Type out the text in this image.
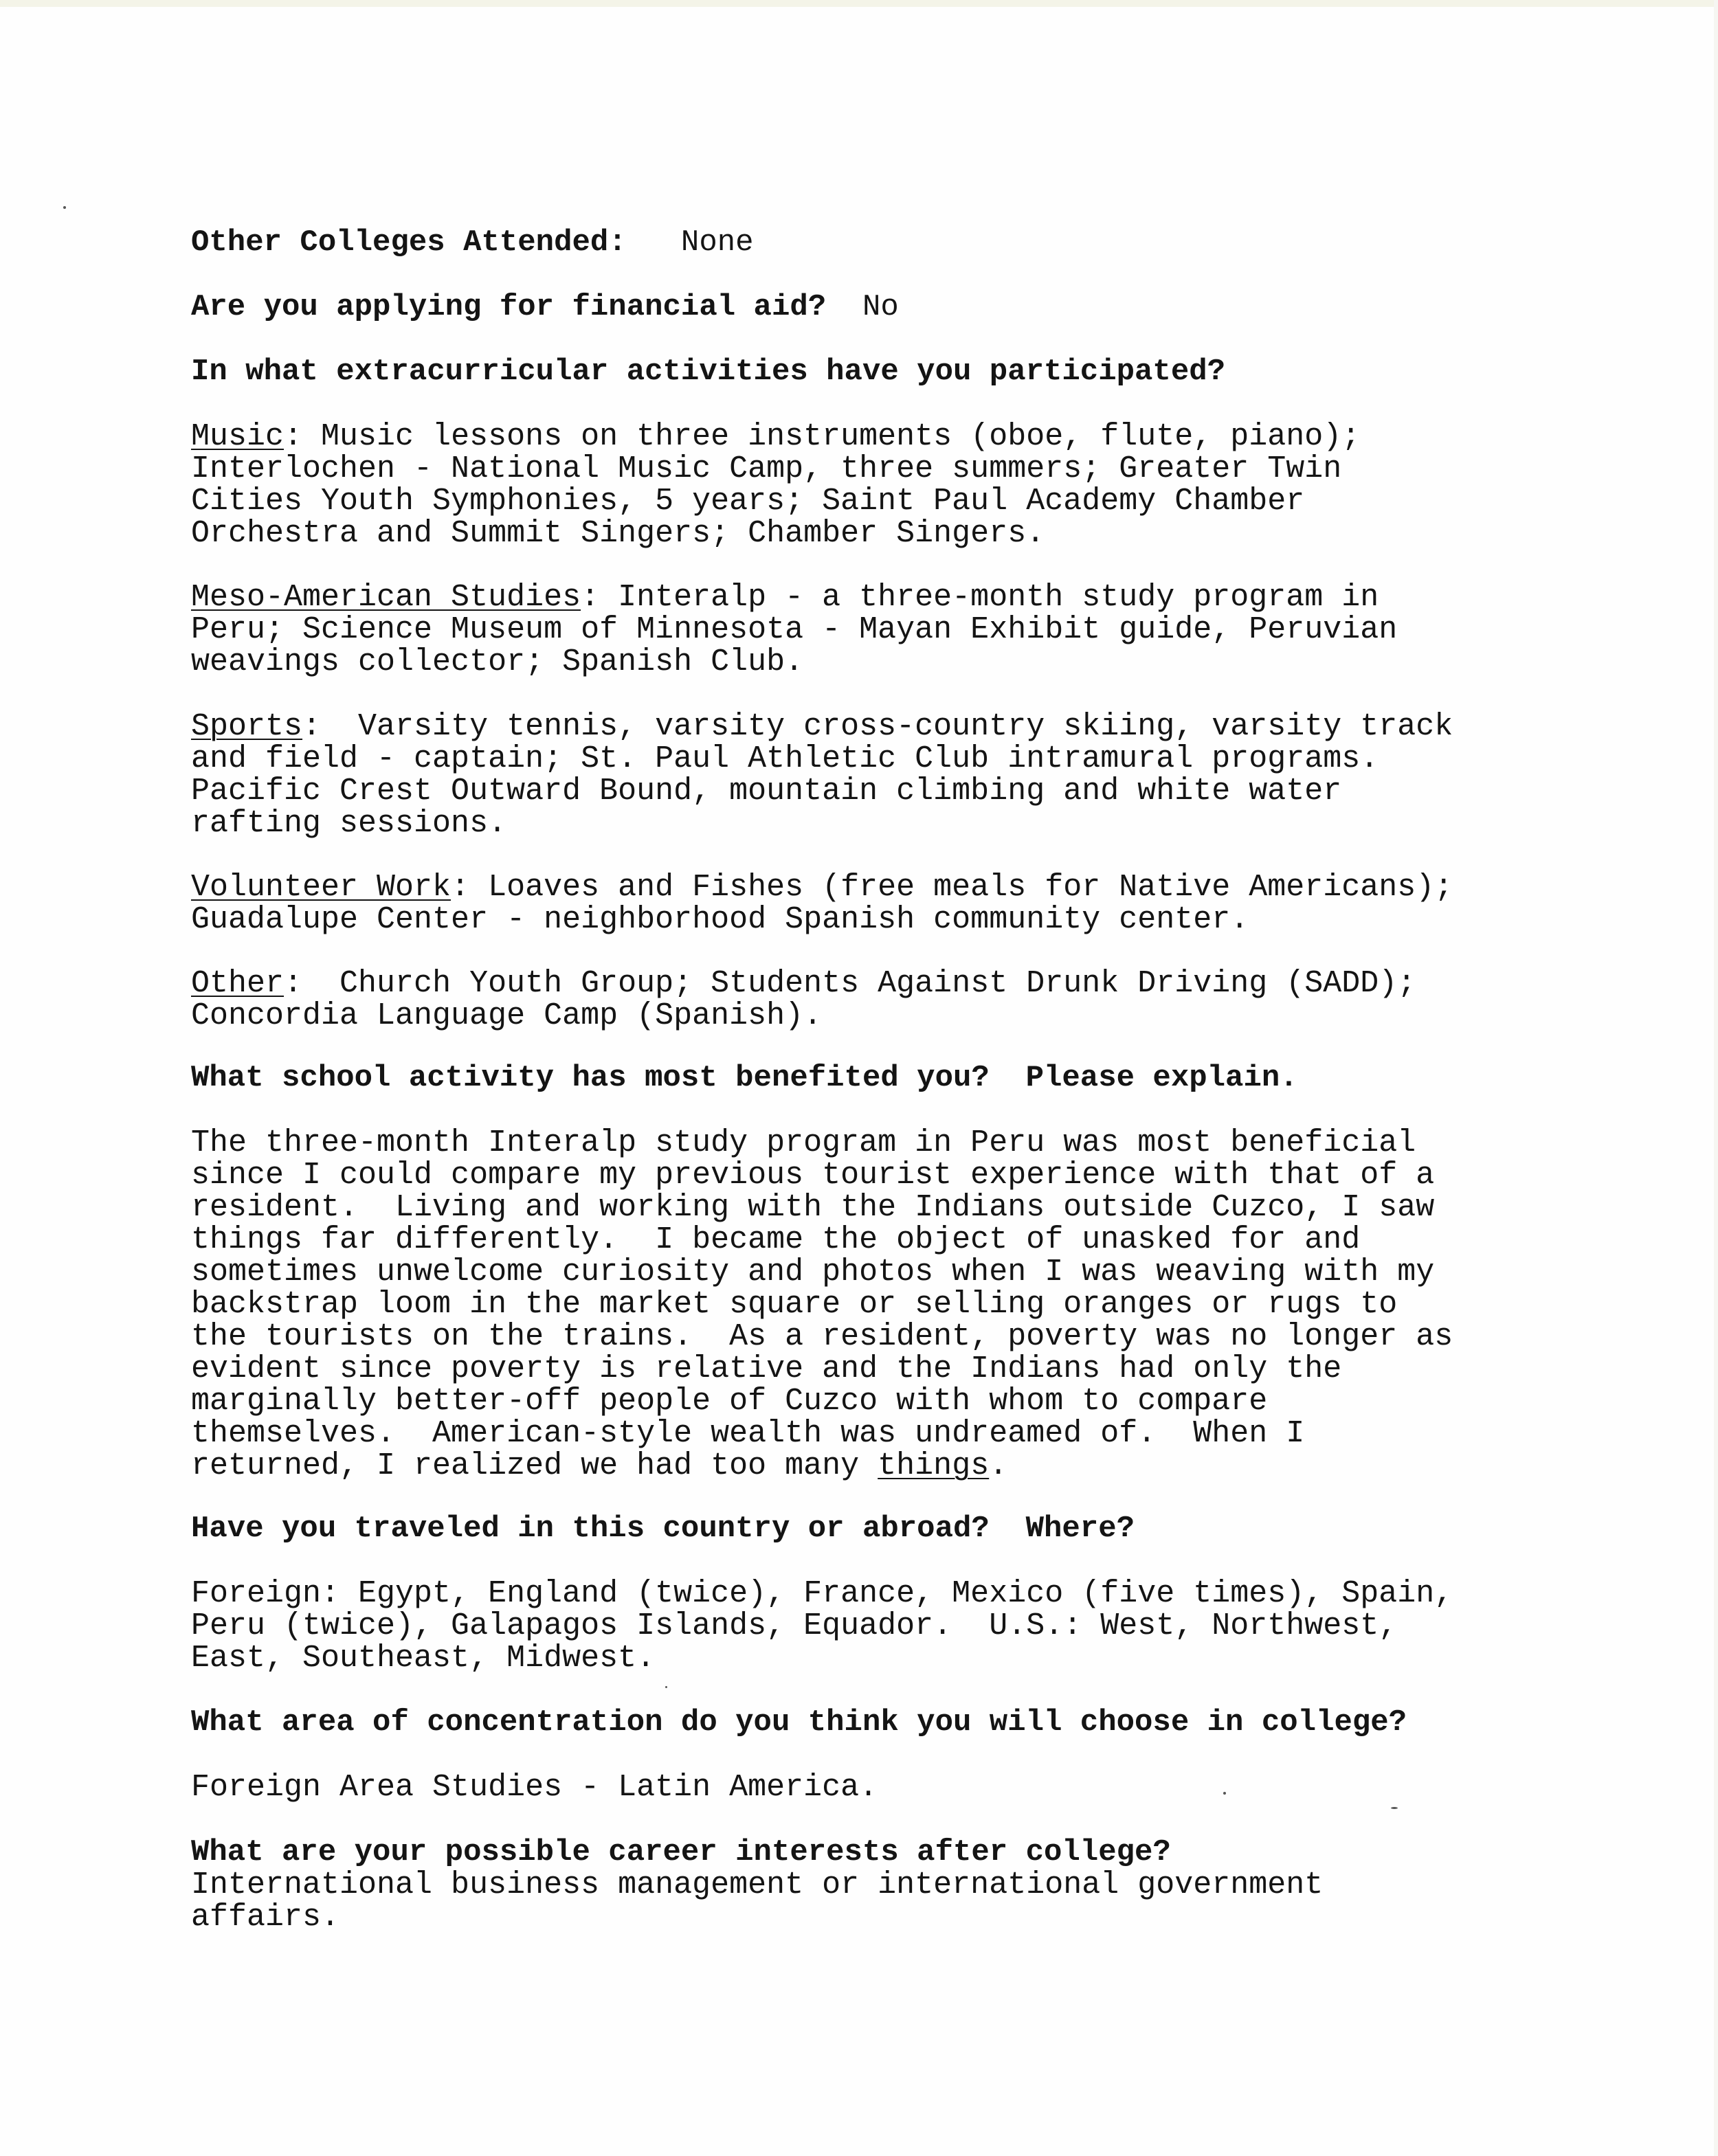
Other Colleges Attended: None

Are you applying for financial aid? No

In what extracurricular activities have you participated?

Music: Music lessons on three instruments (oboe, flute, piano);
Interlochen - National Music Camp, three summers; Greater Twin
Cities Youth Symphonies, 5 years; Saint Paul Academy Chamber
Orchestra and Summit Singers; Chamber Singers.

Meso-American Studies: Interalp - a three-month study program in
Peru; Science Museum of Minnesota - Mayan Exhibit guide, Peruvian
weavings collector; Spanish Club.

Sports:  Varsity tennis, varsity cross-country skiing, varsity track
and field - captain; St. Paul Athletic Club intramural programs.
Pacific Crest Outward Bound, mountain climbing and white water
rafting sessions.

Volunteer Work: Loaves and Fishes (free meals for Native Americans);
Guadalupe Center - neighborhood Spanish community center.

Other:  Church Youth Group; Students Against Drunk Driving (SADD);
Concordia Language Camp (Spanish).

What school activity has most benefited you?  Please explain.

The three-month Interalp study program in Peru was most beneficial
since I could compare my previous tourist experience with that of a
resident.  Living and working with the Indians outside Cuzco, I saw
things far differently.  I became the object of unasked for and
sometimes unwelcome curiosity and photos when I was weaving with my
backstrap loom in the market square or selling oranges or rugs to
the tourists on the trains.  As a resident, poverty was no longer as
evident since poverty is relative and the Indians had only the
marginally better-off people of Cuzco with whom to compare
themselves.  American-style wealth was undreamed of.  When I
returned, I realized we had too many things.

Have you traveled in this country or abroad?  Where?

Foreign: Egypt, England (twice), France, Mexico (five times), Spain,
Peru (twice), Galapagos Islands, Equador.  U.S.: West, Northwest,
East, Southeast, Midwest.

What area of concentration do you think you will choose in college?

Foreign Area Studies - Latin America.

What are your possible career interests after college?
International business management or international government
affairs.
